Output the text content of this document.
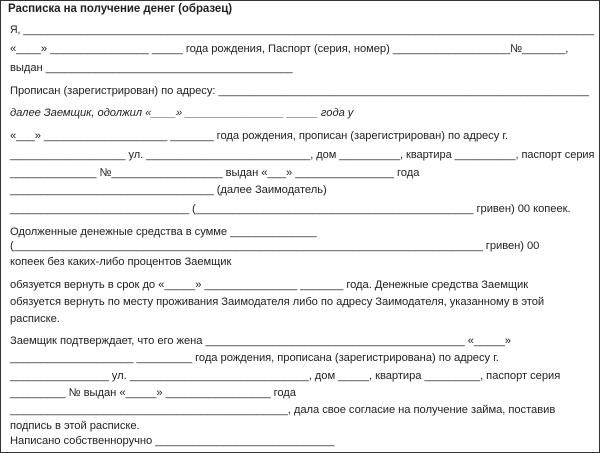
Расписка на получение денег (образец)
Я, ___________________________________________________________________________________________________
«____» ________________ _____ года рождения, Паспорт (серия, номер) ___________________№_______,
выдан ________________________________________
Прописан (зарегистрирован) по адресу: ____________________________________________________________
далее Заемщик, одолжил «____» ________________ _____ года у
«___» ____________________ _______ года рождения, прописан (зарегистрирован) по адресу г.
___________________ ул. ___________________________, дом __________, квартира __________, паспорт серия
______________ №__________________ выдан «___» ________________ года
_________________________________ (далее Заимодатель)
_____________________________ (_____________________________________________ гривен) 00 копеек.
Одолженные денежные средства в сумме ______________
(____________________________________________________________________________ гривен) 00
копеек без каких-либо процентов Заемщик
обязуется вернуть в срок до «_____» _______________ _______ года. Денежные средства Заемщик
обязуется вернуть по месту проживания Заимодателя либо по адресу Заимодателя, указанному в этой
расписке.
Заемщик подтверждает, что его жена __________________________________________ «_____»
____________________ _________ года рождения, прописана (зарегистрирована) по адресу г.
________________ ул. _____________________________, дом _____, квартира _________, паспорт серия
_________ № выдан «_____» _________________ года
_____________________________________________, дала свое согласие на получение займа, поставив
подпись в этой расписке.
Написано собственноручно _____________________________
